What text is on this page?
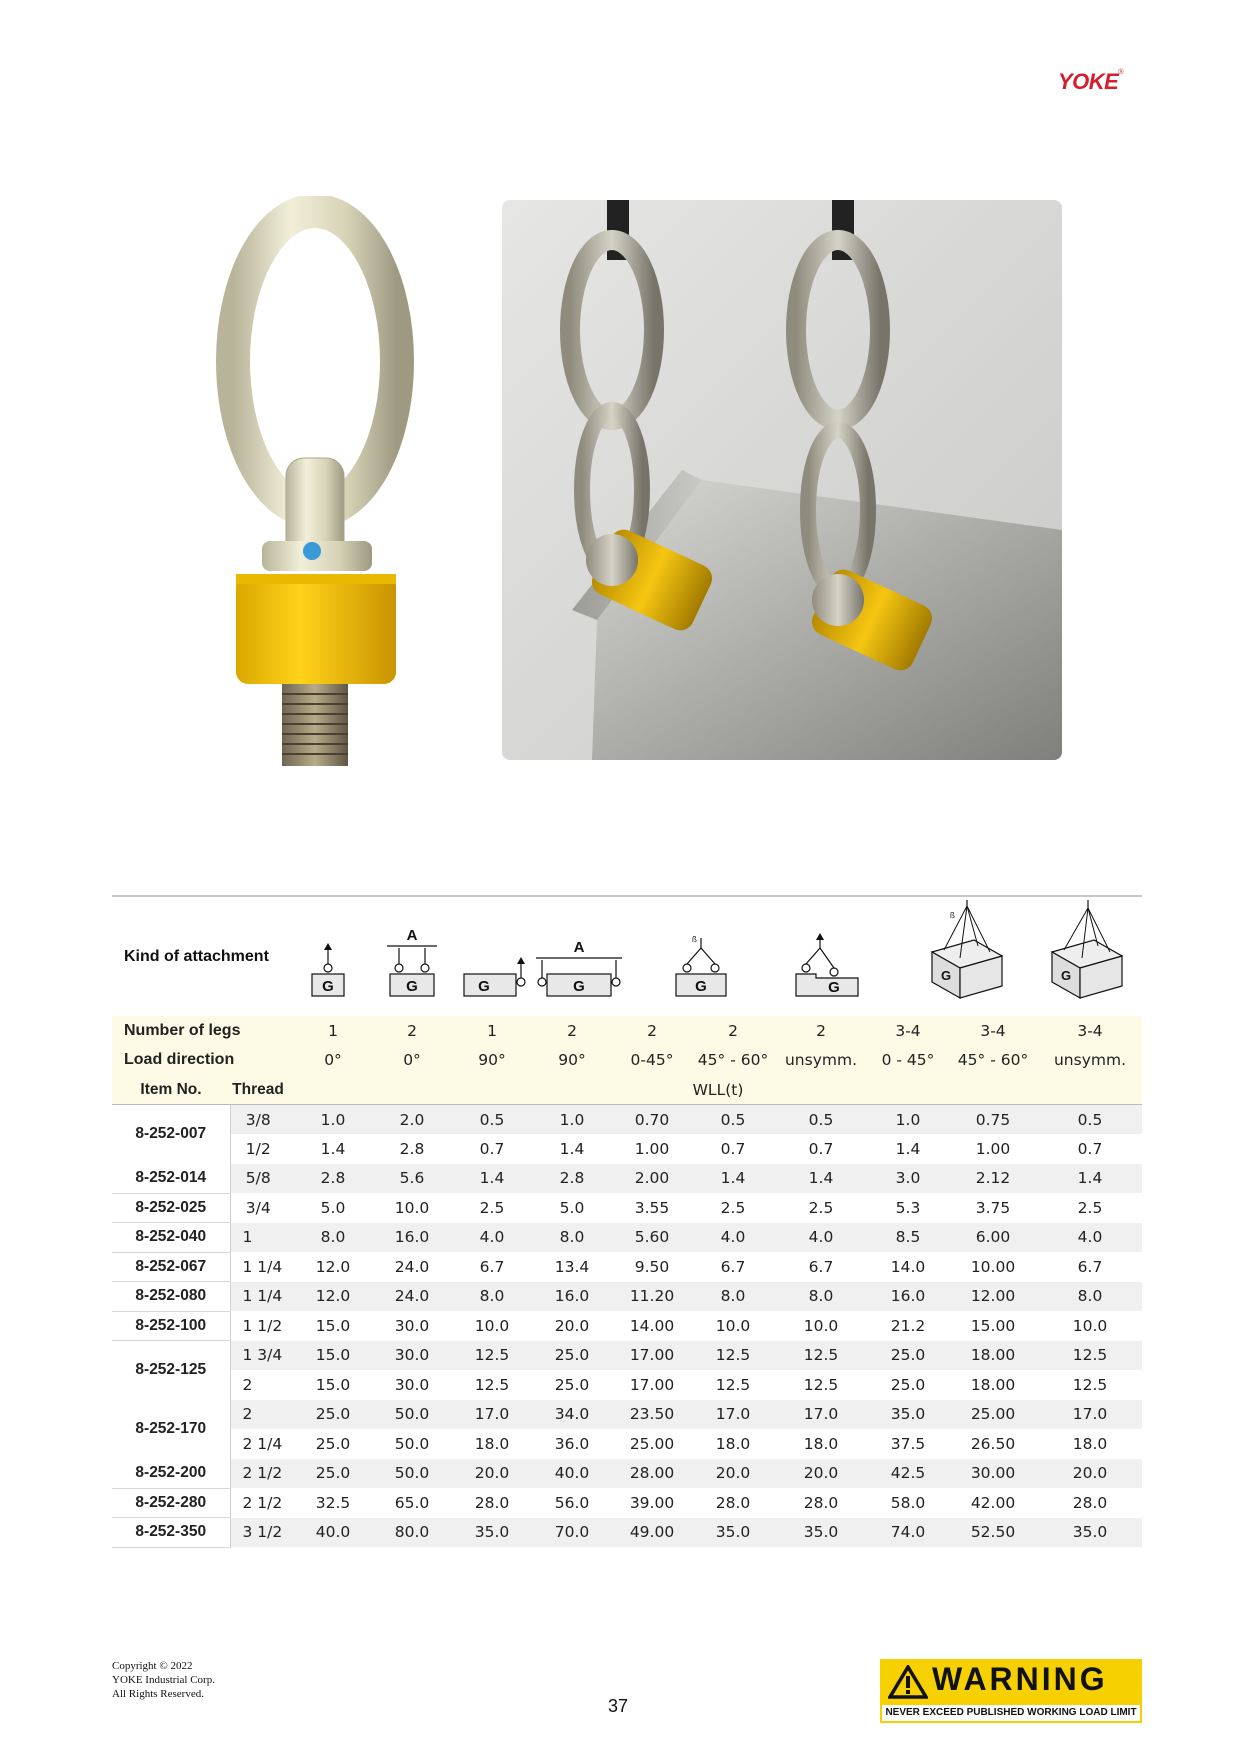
YOKE®
Kind of attachment
G	G
A
G	G
A
G
ß
G
G
ß
G
Number of legs		1	2	1	2	2	2	2	3-4	3-4	3-4
Load direction		0°	0°	90°	90°	0-45°	45° - 60°	unsymm.	0 - 45°	45° - 60°	unsymm.
Item No.	Thread	WLL(t)									
8-252-007	3/8	1.0	2.0	0.5	1.0	0.70	0.5	0.5	1.0	0.75	0.5
	1/2	1.4	2.8	0.7	1.4	1.00	0.7	0.7	1.4	1.00	0.7
8-252-014	5/8	2.8	5.6	1.4	2.8	2.00	1.4	1.4	3.0	2.12	1.4
8-252-025	3/4	5.0	10.0	2.5	5.0	3.55	2.5	2.5	5.3	3.75	2.5
8-252-040	1	8.0	16.0	4.0	8.0	5.60	4.0	4.0	8.5	6.00	4.0
8-252-067	1 1/4	12.0	24.0	6.7	13.4	9.50	6.7	6.7	14.0	10.00	6.7
8-252-080	1 1/4	12.0	24.0	8.0	16.0	11.20	8.0	8.0	16.0	12.00	8.0
8-252-100	1 1/2	15.0	30.0	10.0	20.0	14.00	10.0	10.0	21.2	15.00	10.0
8-252-125	1 3/4	15.0	30.0	12.5	25.0	17.00	12.5	12.5	25.0	18.00	12.5
	2	15.0	30.0	12.5	25.0	17.00	12.5	12.5	25.0	18.00	12.5
8-252-170	2	25.0	50.0	17.0	34.0	23.50	17.0	17.0	35.0	25.00	17.0
	2 1/4	25.0	50.0	18.0	36.0	25.00	18.0	18.0	37.5	26.50	18.0
8-252-200	2 1/2	25.0	50.0	20.0	40.0	28.00	20.0	20.0	42.5	30.00	20.0
8-252-280	2 1/2	32.5	65.0	28.0	56.0	39.00	28.0	28.0	58.0	42.00	28.0
8-252-350	3 1/2	40.0	80.0	35.0	70.0	49.00	35.0	35.0	74.0	52.50	35.0
Copyright © 2022
YOKE Industrial Corp.
All Rights Reserved.
37
WARNING
NEVER EXCEED PUBLISHED WORKING LOAD LIMIT
